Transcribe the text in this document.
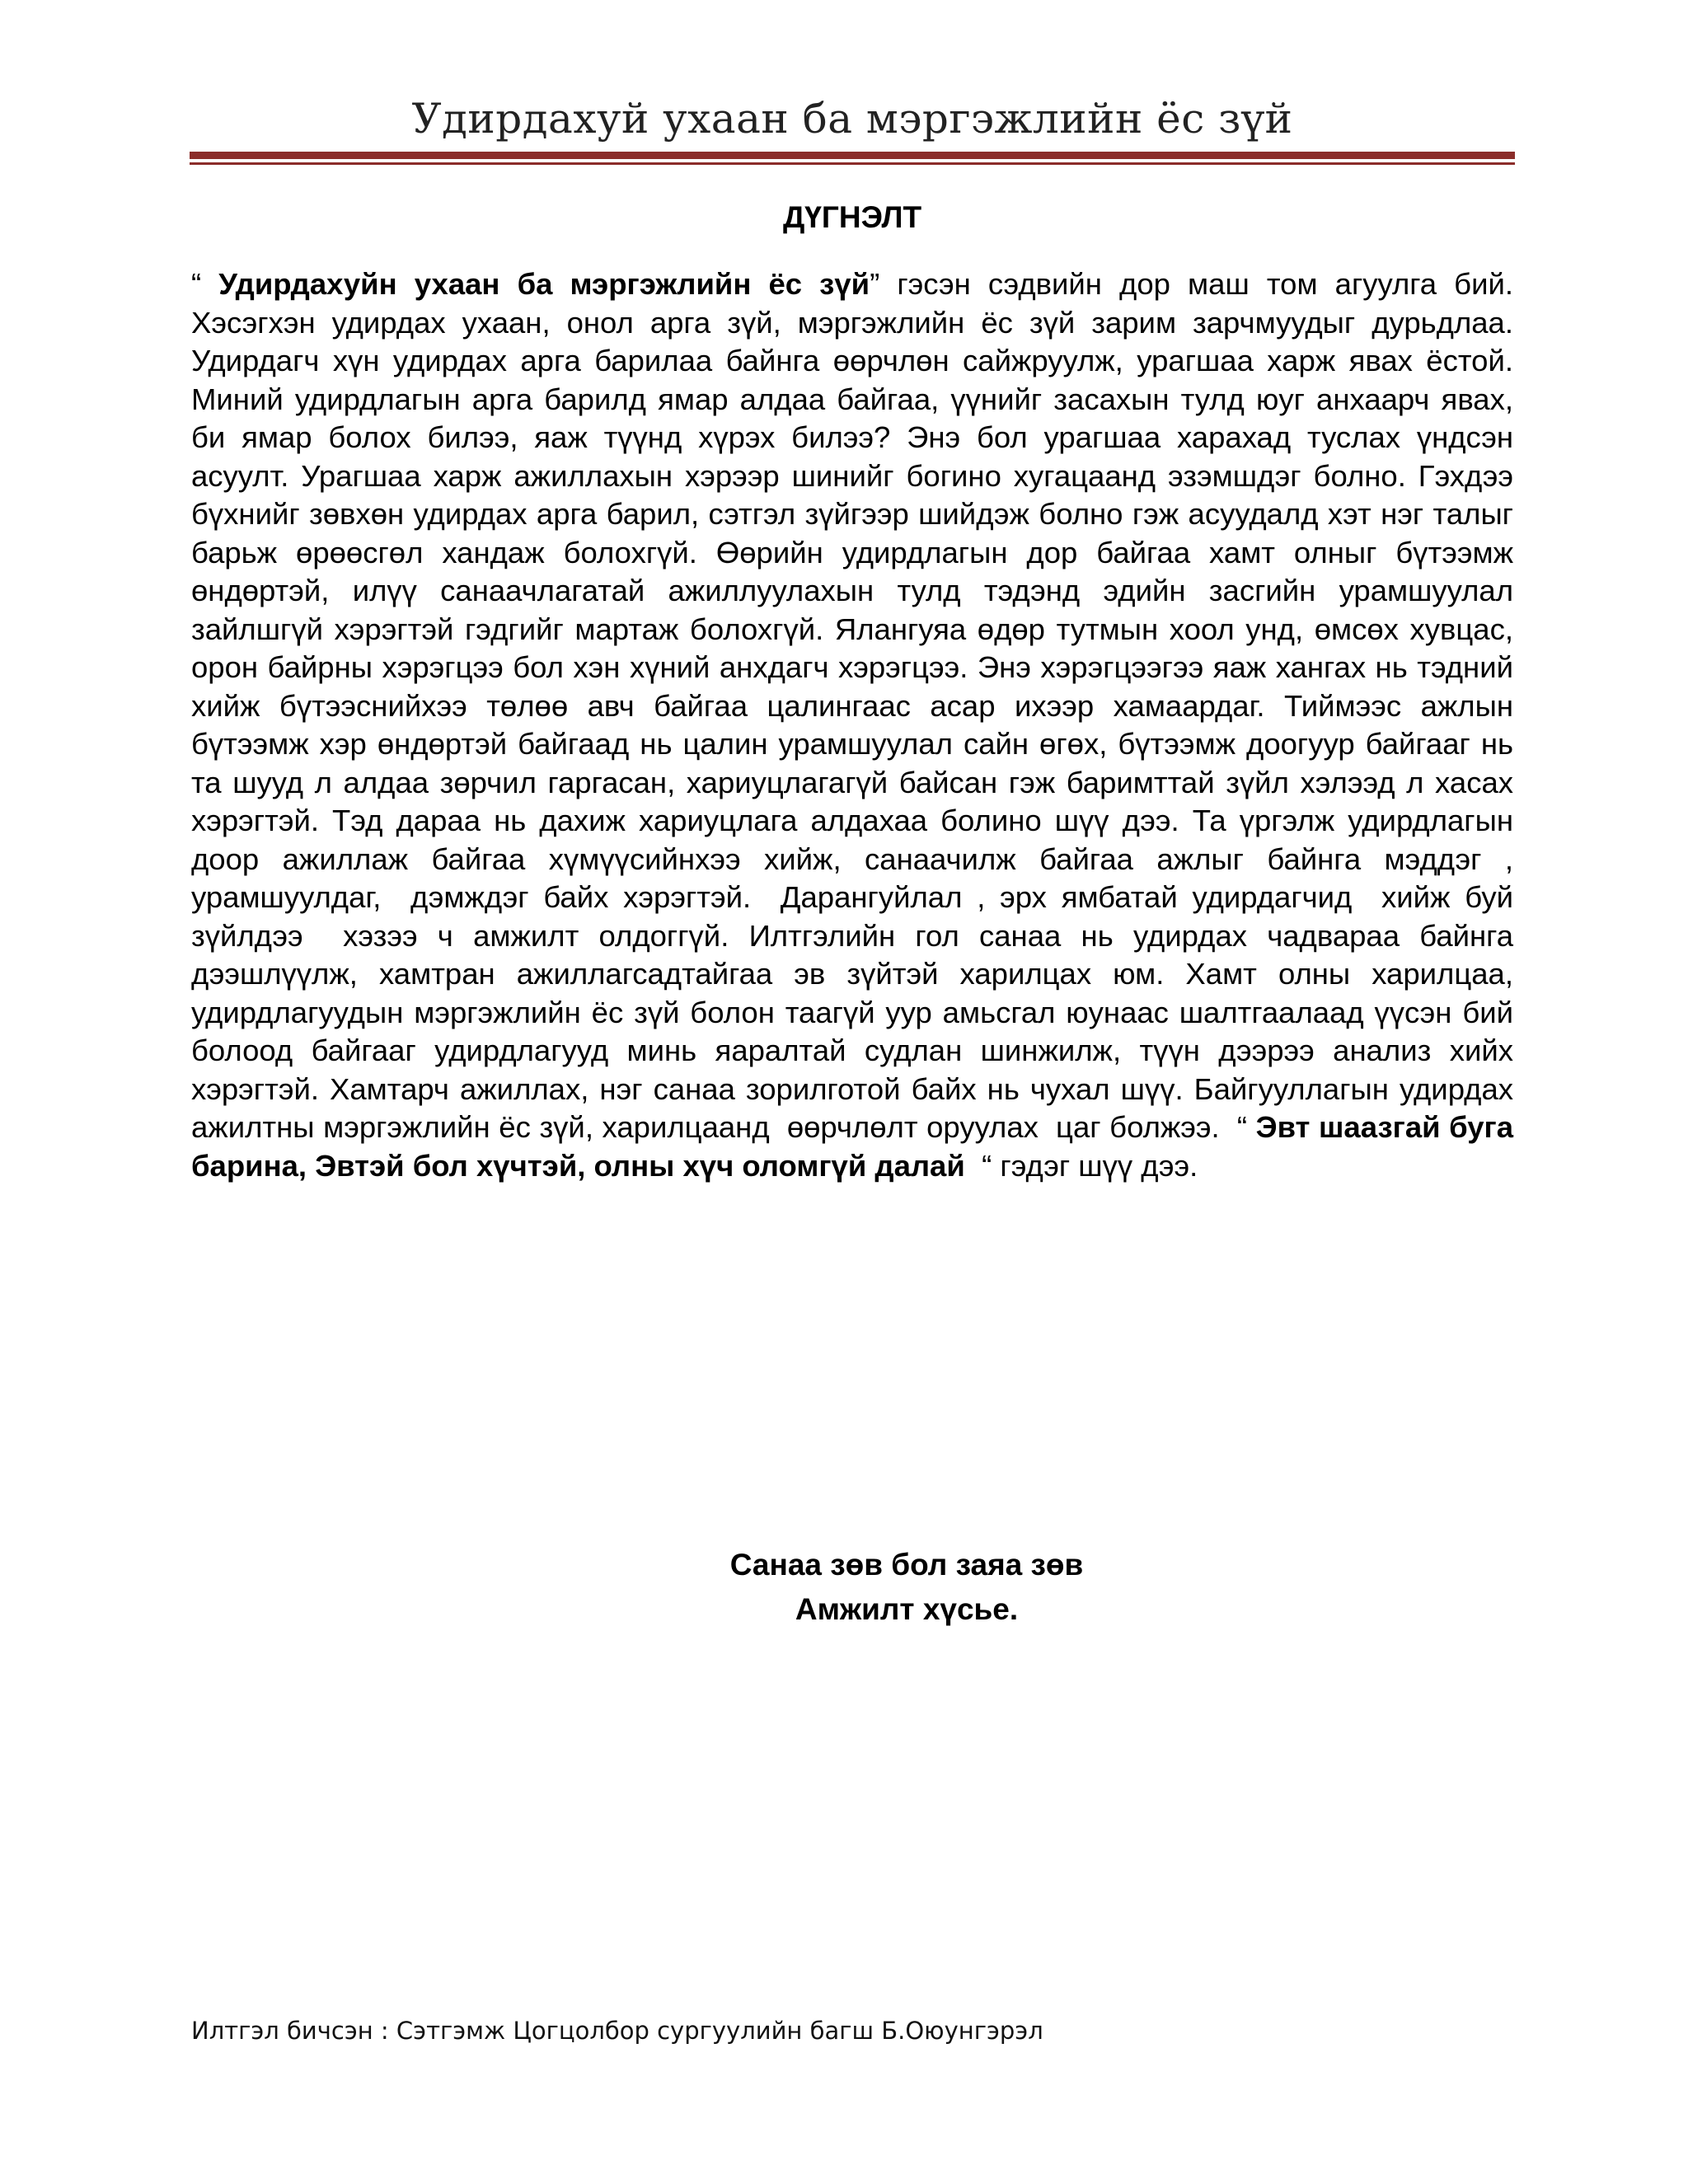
Удирдахуй ухаан ба мэргэжлийн ёс зүй
ДҮГНЭЛТ
“ Удирдахуйн ухаан ба мэргэжлийн ёс зүй” гэсэн сэдвийн дор маш том агуулга бий. Хэсэгхэн удирдах ухаан, онол арга зүй, мэргэжлийн ёс зүй зарим зарчмуудыг дурьдлаа. Удирдагч хүн удирдах арга барилаа байнга өөрчлөн сайжруулж, урагшаа харж явах ёстой. Миний удирдлагын арга барилд ямар алдаа байгаа, үүнийг засахын тулд юуг анхаарч явах, би ямар болох билээ, яаж түүнд хүрэх билээ? Энэ бол урагшаа харахад туслах үндсэн асуулт. Урагшаа харж ажиллахын хэрээр шинийг богино хугацаанд эзэмшдэг болно. Гэхдээ бүхнийг зөвхөн удирдах арга барил, сэтгэл зүйгээр шийдэж болно гэж асуудалд хэт нэг талыг барьж өрөөсгөл хандаж болохгүй. Өөрийн удирдлагын дор байгаа хамт олныг бүтээмж өндөртэй, илүү санаачлагатай ажиллуулахын тулд тэдэнд эдийн засгийн урамшуулал зайлшгүй хэрэгтэй гэдгийг мартаж болохгүй. Ялангуяа өдөр тутмын хоол унд, өмсөх хувцас, орон байрны хэрэгцээ бол хэн хүний анхдагч хэрэгцээ. Энэ хэрэгцээгээ яаж хангах нь тэдний хийж бүтээснийхээ төлөө авч байгаа цалингаас асар ихээр хамаардаг. Тиймээс ажлын бүтээмж хэр өндөртэй байгаад нь цалин урамшуулал сайн өгөх, бүтээмж доогуур байгааг нь та шууд л алдаа зөрчил гаргасан, хариуцлагагүй байсан гэж баримттай зүйл хэлээд л хасах хэрэгтэй. Тэд дараа нь дахиж хариуцлага алдахаа болино шүү дээ. Та үргэлж удирдлагын доор ажиллаж байгаа хүмүүсийнхээ хийж, санаачилж байгаа ажлыг байнга мэддэг , урамшуулдаг,  дэмждэг байх хэрэгтэй.  Дарангуйлал , эрх ямбатай удирдагчид  хийж буй зүйлдээ  хэзээ ч амжилт олдоггүй. Илтгэлийн гол санаа нь удирдах чадвараа байнга дээшлүүлж, хамтран ажиллагсадтайгаа эв зүйтэй харилцах юм. Хамт олны харилцаа, удирдлагуудын мэргэжлийн ёс зүй болон таагүй уур амьсгал юунаас шалтгаалаад үүсэн бий болоод байгааг удирдлагууд минь яаралтай судлан шинжилж, түүн дээрээ анализ хийх хэрэгтэй. Хамтарч ажиллах, нэг санаа зорилготой байх нь чухал шүү. Байгууллагын удирдах ажилтны мэргэжлийн ёс зүй, харилцаанд  өөрчлөлт оруулах  цаг болжээ.  “ Эвт шаазгай буга барина, Эвтэй бол хүчтэй, олны хүч оломгүй далай  “ гэдэг шүү дээ.
Санаа зөв бол заяа зөв
Амжилт хүсье.
Илтгэл бичсэн : Сэтгэмж Цогцолбор сургуулийн багш Б.Оюунгэрэл
